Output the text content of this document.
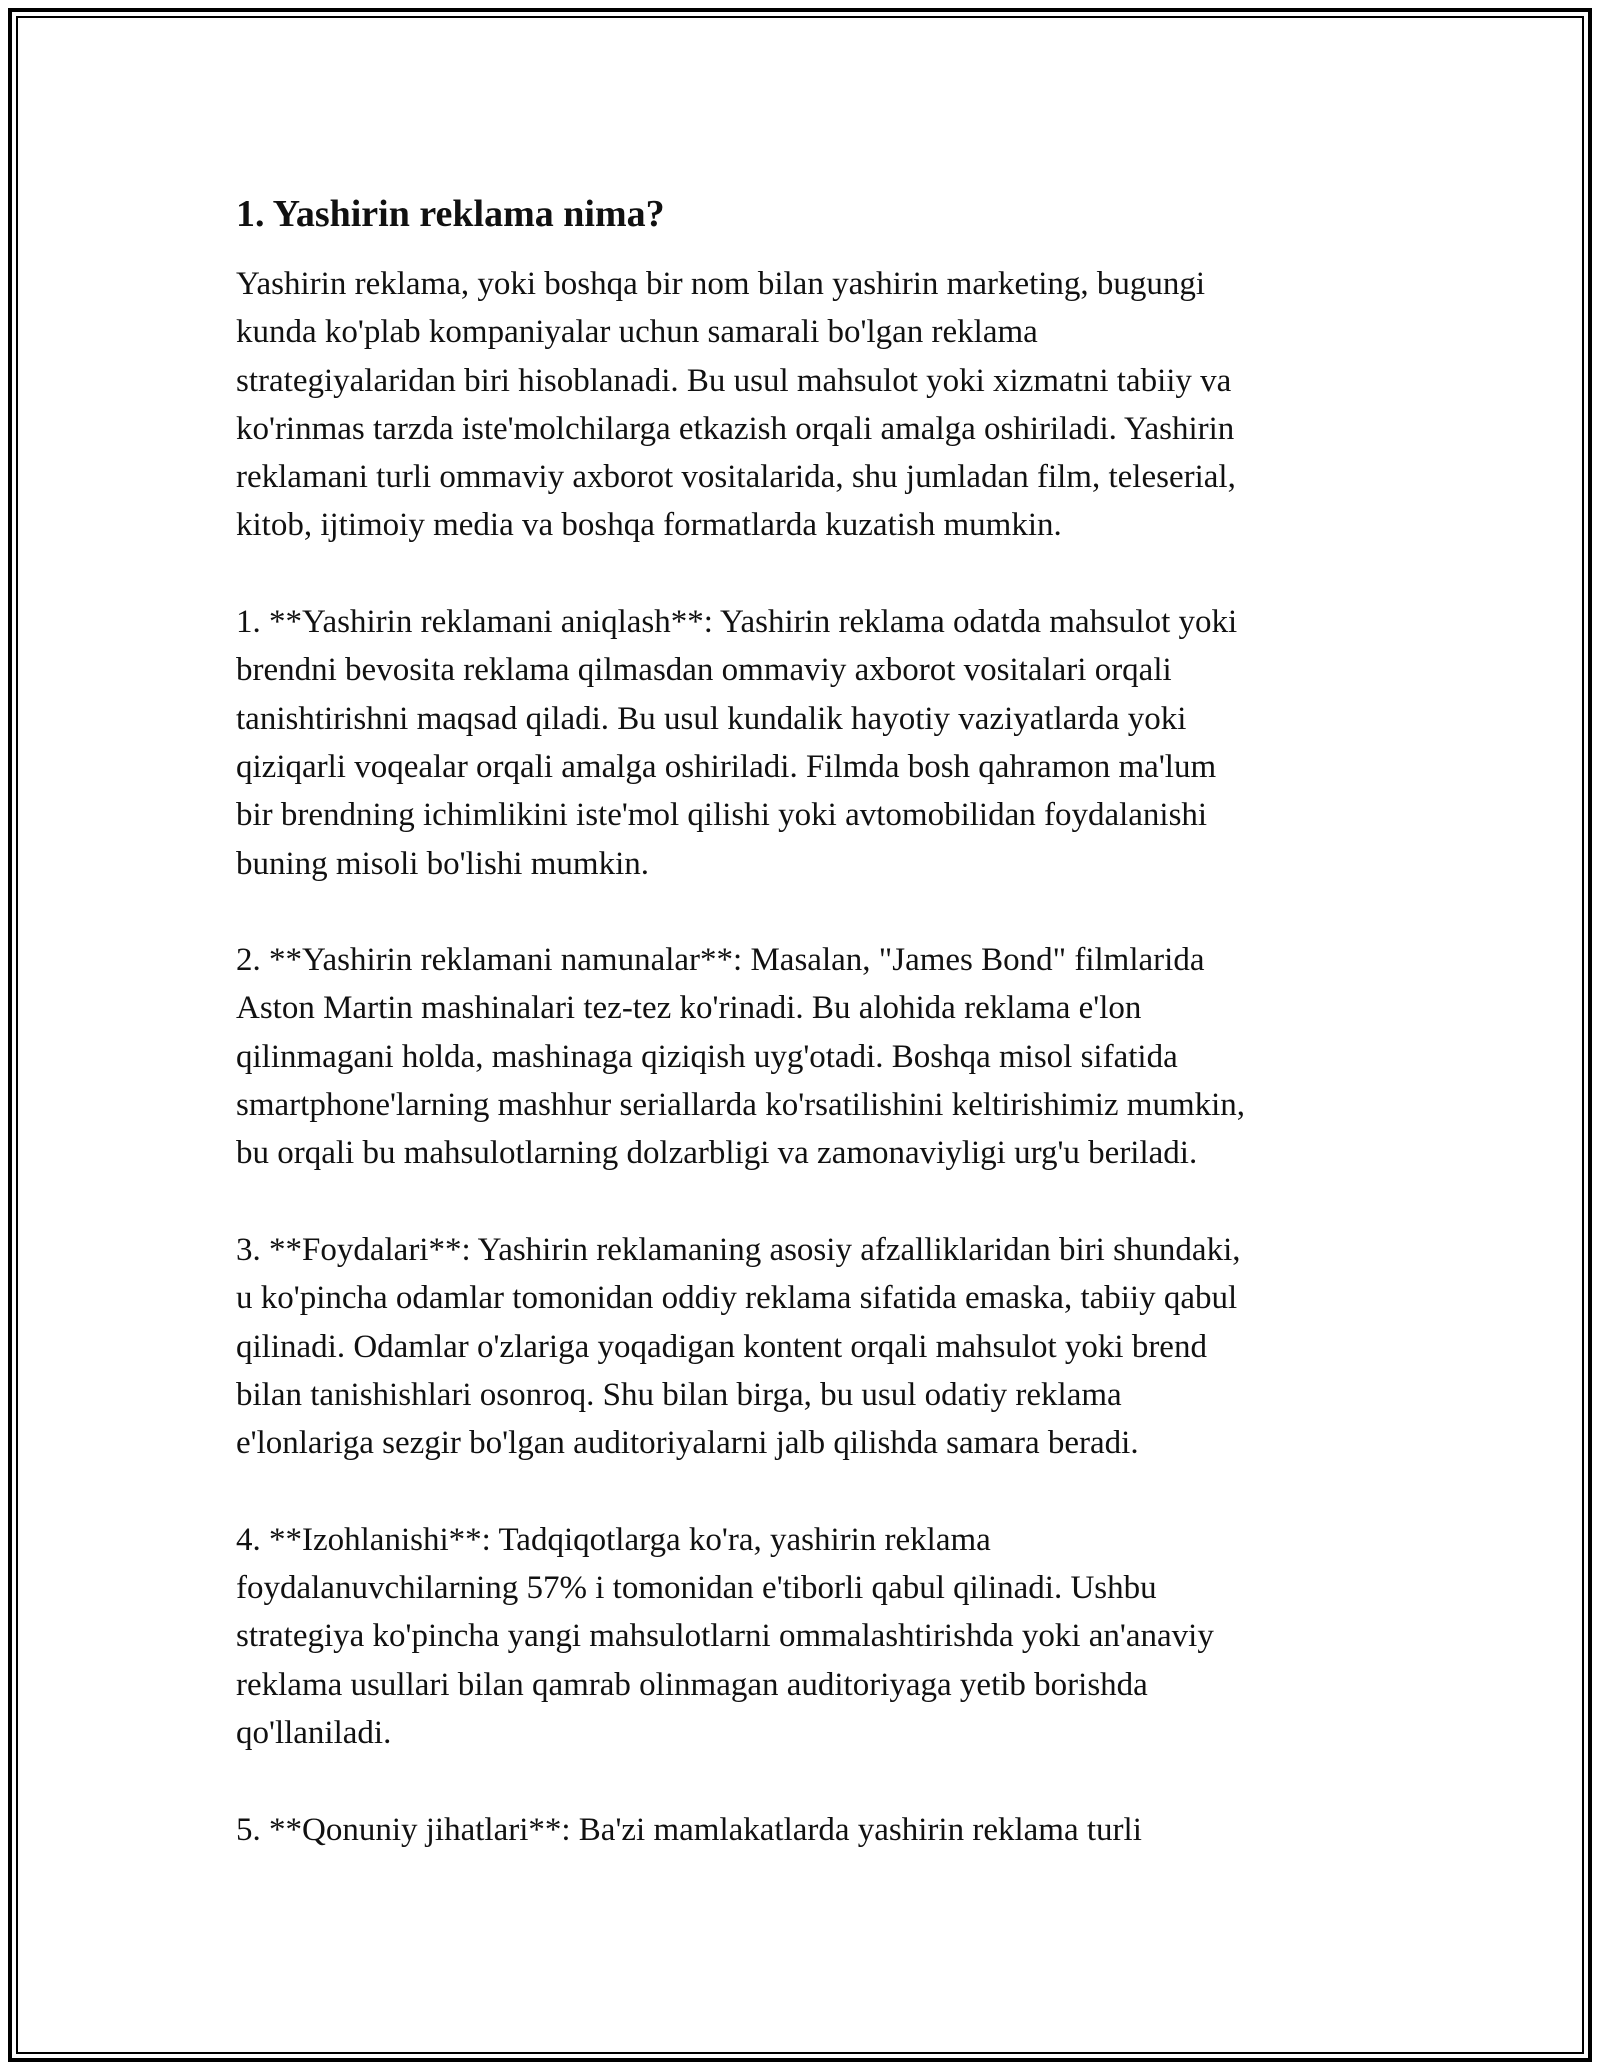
1. Yashirin reklama nima?

Yashirin reklama, yoki boshqa bir nom bilan yashirin marketing, bugungi
kunda ko'plab kompaniyalar uchun samarali bo'lgan reklama
strategiyalaridan biri hisoblanadi. Bu usul mahsulot yoki xizmatni tabiiy va
ko'rinmas tarzda iste'molchilarga etkazish orqali amalga oshiriladi. Yashirin
reklamani turli ommaviy axborot vositalarida, shu jumladan film, teleserial,
kitob, ijtimoiy media va boshqa formatlarda kuzatish mumkin.

1. **Yashirin reklamani aniqlash**: Yashirin reklama odatda mahsulot yoki
brendni bevosita reklama qilmasdan ommaviy axborot vositalari orqali
tanishtirishni maqsad qiladi. Bu usul kundalik hayotiy vaziyatlarda yoki
qiziqarli voqealar orqali amalga oshiriladi. Filmda bosh qahramon ma'lum
bir brendning ichimlikini iste'mol qilishi yoki avtomobilidan foydalanishi
buning misoli bo'lishi mumkin.

2. **Yashirin reklamani namunalar**: Masalan, "James Bond" filmlarida
Aston Martin mashinalari tez-tez ko'rinadi. Bu alohida reklama e'lon
qilinmagani holda, mashinaga qiziqish uyg'otadi. Boshqa misol sifatida
smartphone'larning mashhur seriallarda ko'rsatilishini keltirishimiz mumkin,
bu orqali bu mahsulotlarning dolzarbligi va zamonaviyligi urg'u beriladi.

3. **Foydalari**: Yashirin reklamaning asosiy afzalliklaridan biri shundaki,
u ko'pincha odamlar tomonidan oddiy reklama sifatida emaska, tabiiy qabul
qilinadi. Odamlar o'zlariga yoqadigan kontent orqali mahsulot yoki brend
bilan tanishishlari osonroq. Shu bilan birga, bu usul odatiy reklama
e'lonlariga sezgir bo'lgan auditoriyalarni jalb qilishda samara beradi.

4. **Izohlanishi**: Tadqiqotlarga ko'ra, yashirin reklama
foydalanuvchilarning 57% i tomonidan e'tiborli qabul qilinadi. Ushbu
strategiya ko'pincha yangi mahsulotlarni ommalashtirishda yoki an'anaviy
reklama usullari bilan qamrab olinmagan auditoriyaga yetib borishda
qo'llaniladi.

5. **Qonuniy jihatlari**: Ba'zi mamlakatlarda yashirin reklama turli
